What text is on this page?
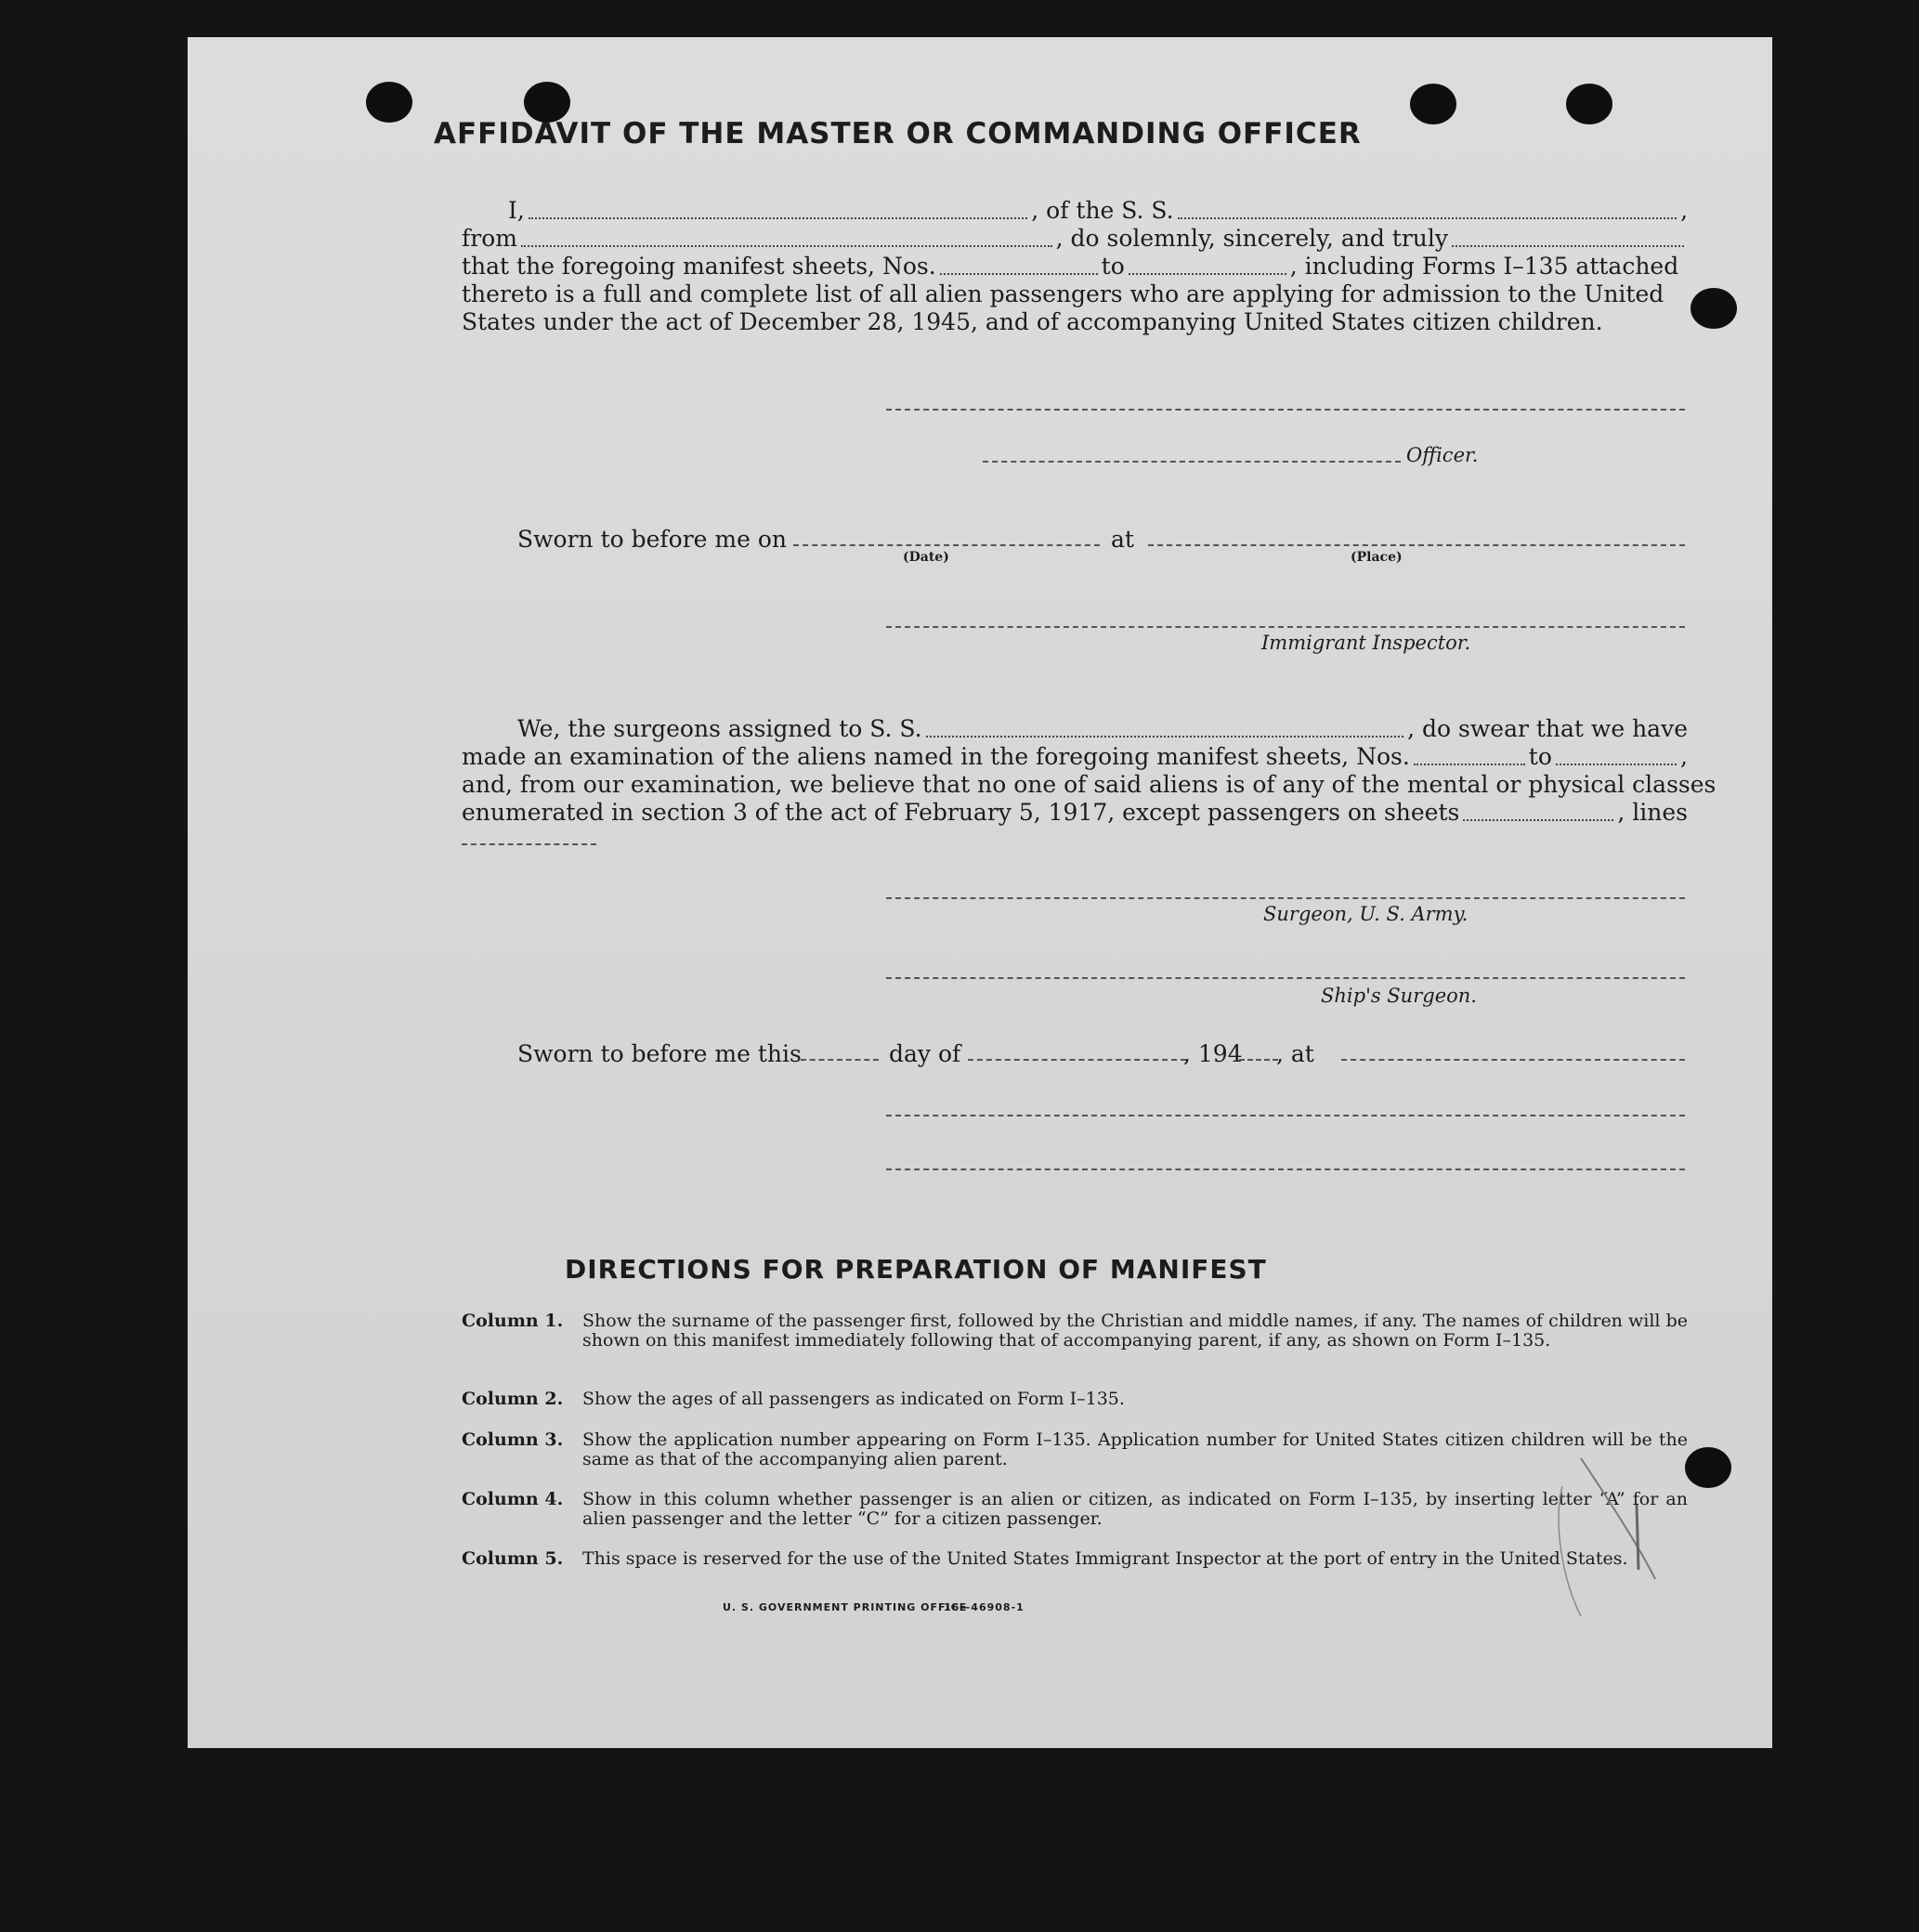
AFFIDAVIT OF THE MASTER OR COMMANDING OFFICER
I,	, of the S. S.	,
from	, do solemnly, sincerely, and truly
that the foregoing manifest sheets, Nos.	to	, including Forms I–135 attached
thereto is a full and complete list of all alien passengers who are applying for admission to the United
States under the act of December 28, 1945, and of accompanying United States citizen children.
Officer.
Sworn to before me on	at
(Date)	(Place)
Immigrant Inspector.
We, the surgeons assigned to S. S.	, do swear that we have
made an examination of the aliens named in the foregoing manifest sheets, Nos.	to	,
and, from our examination, we believe that no one of said aliens is of any of the mental or physical classes
enumerated in section 3 of the act of February 5, 1917, except passengers on sheets	, lines
Surgeon, U. S. Army.
Ship's Surgeon.
Sworn to before me this	day of	, 194 , at
DIRECTIONS FOR PREPARATION OF MANIFEST
Column 1.	Show the surname of the passenger first, followed by the Christian and middle names, if any. The names of children will be shown on this manifest immediately following that of accompanying parent, if any, as shown on Form I–135.
Column 2.	Show the ages of all passengers as indicated on Form I–135.
Column 3.	Show the application number appearing on Form I–135. Application number for United States citizen children will be the same as that of the accompanying alien parent.
Column 4.	Show in this column whether passenger is an alien or citizen, as indicated on Form I–135, by inserting letter “A” for an alien passenger and the letter “C” for a citizen passenger.
Column 5.	This space is reserved for the use of the United States Immigrant Inspector at the port of entry in the United States.
U. S. GOVERNMENT PRINTING OFFICE
16—46908-1
